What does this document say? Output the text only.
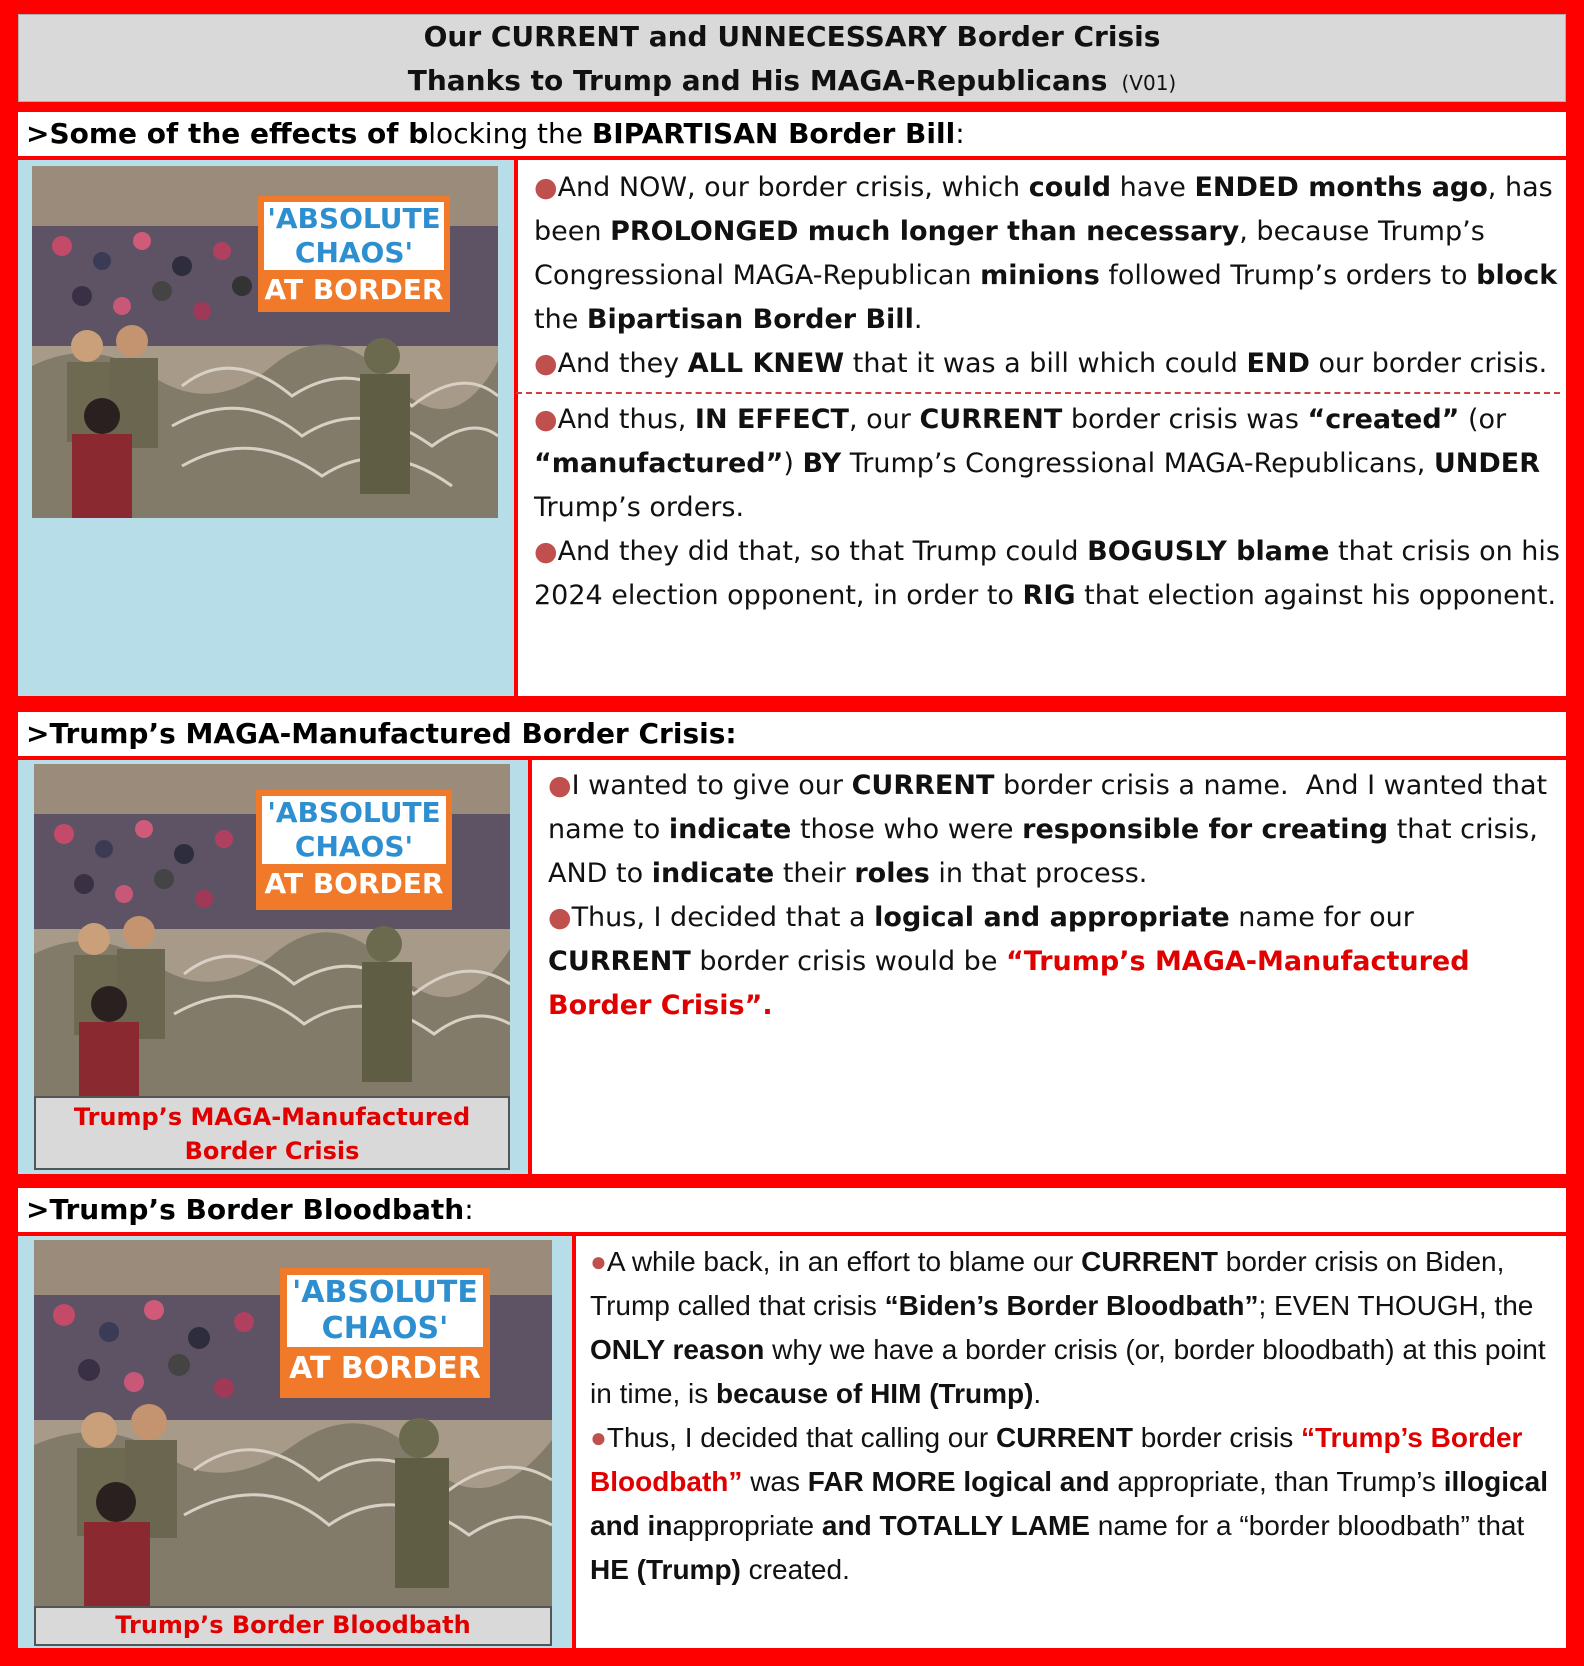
Our CURRENT and UNNECESSARY Border Crisis
Thanks to Trump and His MAGA-Republicans (V01)
>Some of the effects of blocking the BIPARTISAN Border Bill:
'ABSOLUTE
CHAOS'
AT BORDER

●And NOW, our border crisis, which could have ENDED months ago, has been PROLONGED much longer than necessary, because Trump’s Congressional MAGA-Republican minions followed Trump’s orders to block the Bipartisan Border Bill.

●And they ALL KNEW that it was a bill which could END our border crisis.

●And thus, IN EFFECT, our CURRENT border crisis was “created” (or “manufactured”) BY Trump’s Congressional MAGA-Republicans, UNDER Trump’s orders.

●And they did that, so that Trump could BOGUSLY blame that crisis on his 2024 election opponent, in order to RIG that election against his opponent.

>Trump’s MAGA-Manufactured Border Crisis:
'ABSOLUTE
CHAOS'
AT BORDER
Trump’s MAGA-Manufactured
Border Crisis

●I wanted to give our CURRENT border crisis a name.  And I wanted that name to indicate those who were responsible for creating that crisis, AND to indicate their roles in that process.

●Thus, I decided that a logical and appropriate name for our CURRENT border crisis would be “Trump’s MAGA-Manufactured Border Crisis”.

>Trump’s Border Bloodbath:
'ABSOLUTE
CHAOS'
AT BORDER
Trump’s Border Bloodbath

●A while back, in an effort to blame our CURRENT border crisis on Biden, Trump called that crisis “Biden’s Border Bloodbath”; EVEN THOUGH, the ONLY reason why we have a border crisis (or, border bloodbath) at this point in time, is because of HIM (Trump).

●Thus, I decided that calling our CURRENT border crisis “Trump’s Border Bloodbath” was FAR MORE logical and appropriate, than Trump’s illogical and inappropriate and TOTALLY LAME name for a “border bloodbath” that HE (Trump) created.
